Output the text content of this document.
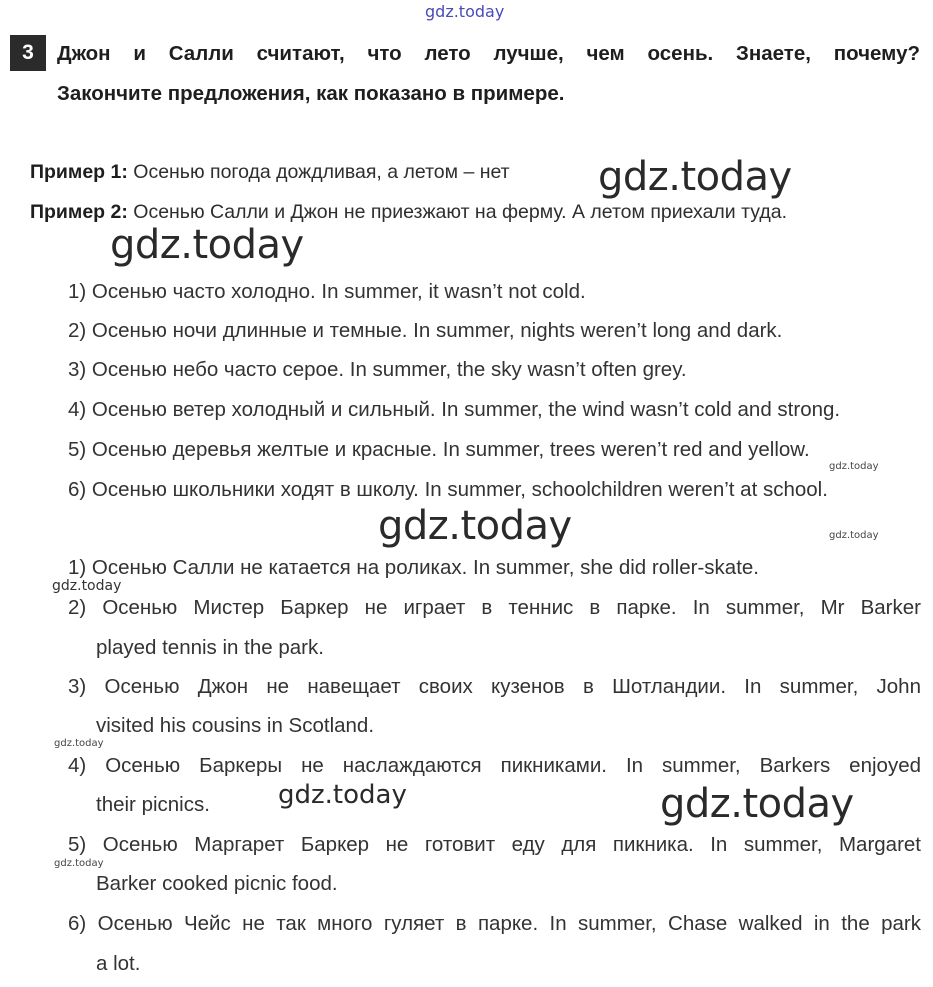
gdz.today
3	Джон и Салли считают, что лето лучше, чем осень. Знаете, почему?
Закончите предложения, как показано в примере.
Пример 1: Осенью погода дождливая, а летом – нет
Пример 2: Осенью Салли и Джон не приезжают на ферму. А летом приехали туда.
1) Осенью часто холодно. In summer, it wasn’t not cold.
2) Осенью ночи длинные и темные. In summer, nights weren’t long and dark.
3) Осенью небо часто серое. In summer, the sky wasn’t often grey.
4) Осенью ветер холодный и сильный. In summer, the wind wasn’t cold and strong.
5) Осенью деревья желтые и красные. In summer, trees weren’t red and yellow.
6) Осенью школьники ходят в школу. In summer, schoolchildren weren’t at school.
1) Осенью Салли не катается на роликах. In summer, she did roller-skate.
2) Осенью Мистер Баркер не играет в теннис в парке. In summer, Mr Barker
played tennis in the park.
3) Осенью Джон не навещает своих кузенов в Шотландии. In summer, John
visited his cousins in Scotland.
4) Осенью Баркеры не наслаждаются пикниками. In summer, Barkers enjoyed
their picnics.
5) Осенью Маргарет Баркер не готовит еду для пикника. In summer, Margaret
Barker cooked picnic food.
6) Осенью Чейс не так много гуляет в парке. In summer, Chase walked in the park
a lot.
gdz.today
gdz.today
gdz.today
gdz.today	gdz.today
gdz.today
gdz.today
gdz.today	gdz.today
gdz.today
